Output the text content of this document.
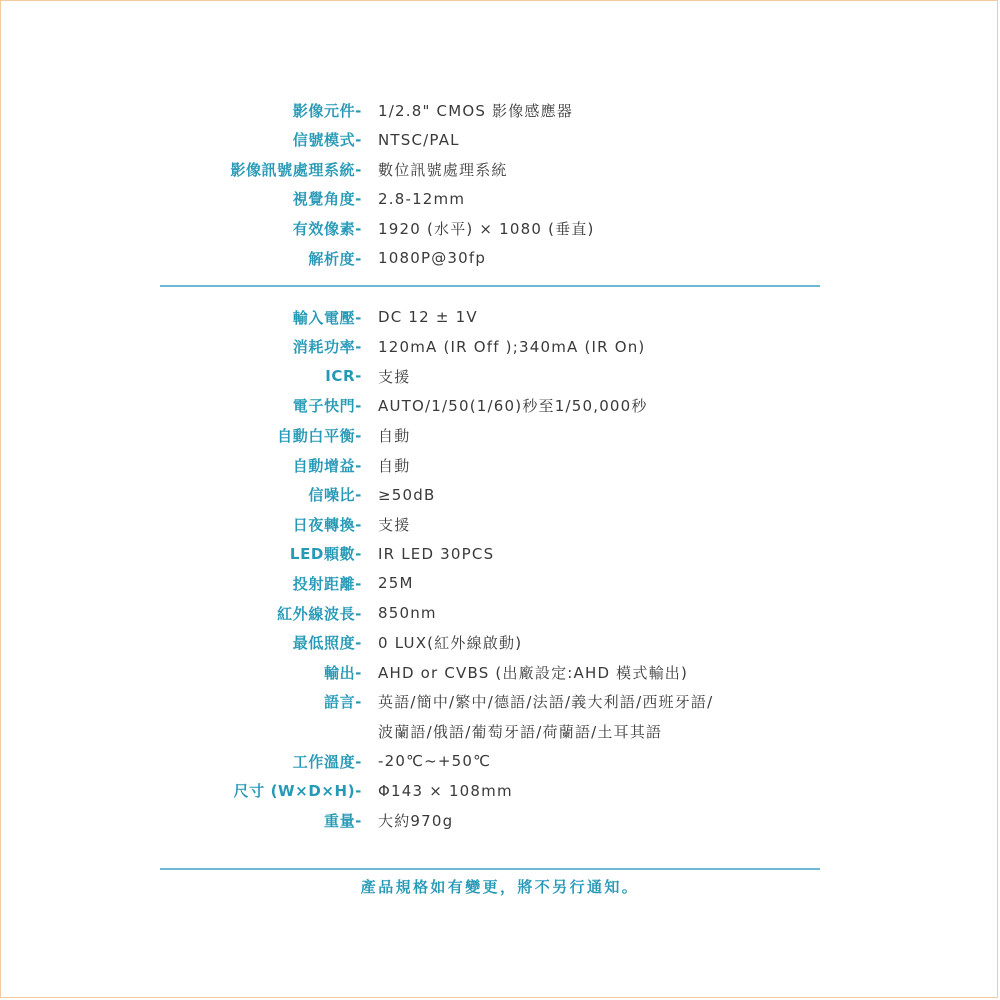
影像元件- 1/2.8" CMOS 影像感應器
信號模式- NTSC/PAL
影像訊號處理系統- 數位訊號處理系統
視覺角度- 2.8-12mm
有效像素- 1920 (水平) × 1080 (垂直)
解析度- 1080P@30fp
輸入電壓- DC 12 ± 1V
消耗功率- 120mA (IR Off );340mA (IR On)
ICR- 支援
電子快門- AUTO/1/50(1/60)秒至1/50,000秒
自動白平衡- 自動
自動增益- 自動
信噪比- ≥50dB
日夜轉換- 支援
LED顆數- IR LED 30PCS
投射距離- 25M
紅外線波長- 850nm
最低照度- 0 LUX(紅外線啟動)
輸出- AHD or CVBS (出廠設定:AHD 模式輸出)
語言- 英語/簡中/繁中/德語/法語/義大利語/西班牙語/
波蘭語/俄語/葡萄牙語/荷蘭語/土耳其語
工作溫度- -20℃~+50℃
尺寸 (W×D×H)- Φ143 × 108mm
重量- 大約970g
產品規格如有變更，將不另行通知。
